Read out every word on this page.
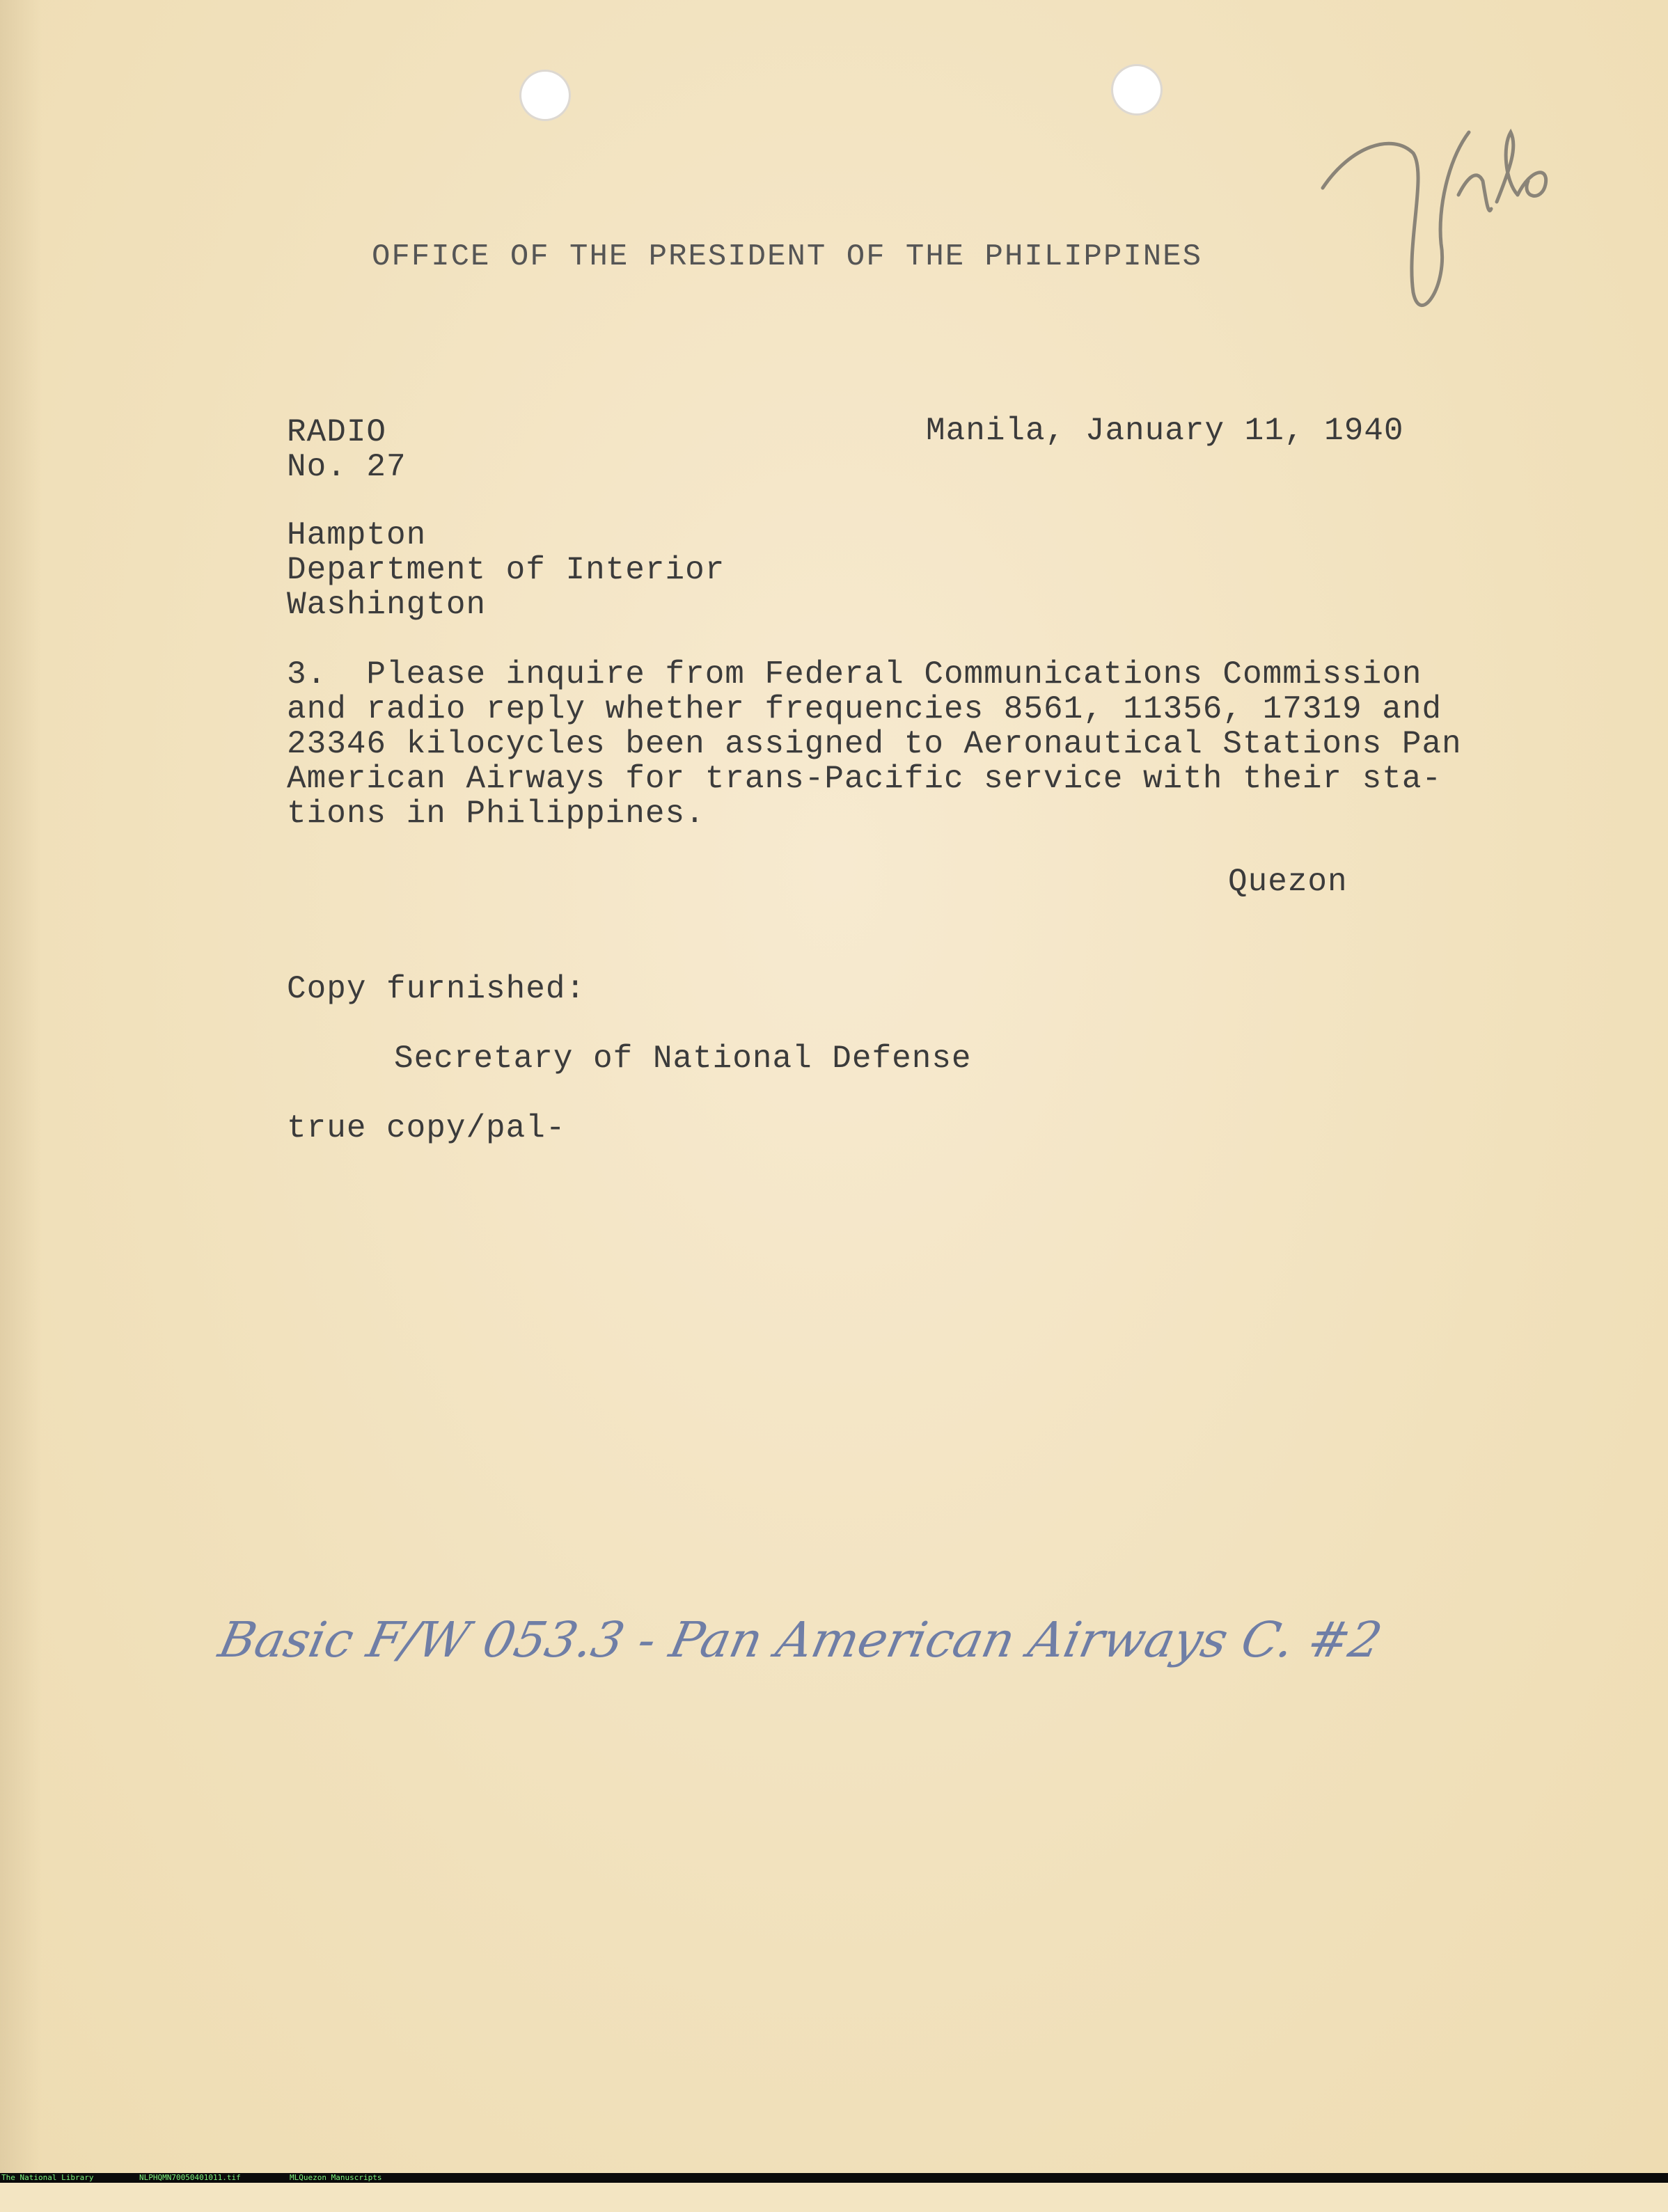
OFFICE OF THE PRESIDENT OF THE PHILIPPINES
File
RADIO
No. 27
Manila, January 11, 1940
Hampton
Department of Interior
Washington
3.  Please inquire from Federal Communications Commission
and radio reply whether frequencies 8561, 11356, 17319 and
23346 kilocycles been assigned to Aeronautical Stations Pan
American Airways for trans-Pacific service with their sta-
tions in Philippines.
Quezon
Copy furnished:
Secretary of National Defense
true copy/pal-
Basic F/W 053.3 - Pan American Airways C. #2

The National Library

	NLPHQMN70050401011.tif

	MLQuezon Manuscripts
